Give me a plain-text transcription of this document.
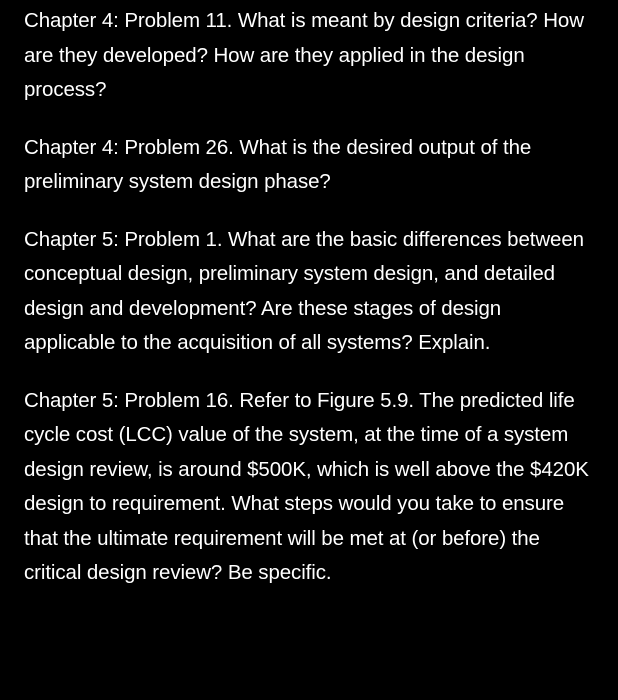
Chapter 4: Problem 11. What is meant by design criteria? How are they developed? How are they applied in the design process?

Chapter 4: Problem 26. What is the desired output of the preliminary system design phase?

Chapter 5: Problem 1. What are the basic differences between conceptual design, preliminary system design, and detailed design and development? Are these stages of design applicable to the acquisition of all systems? Explain.

Chapter 5: Problem 16. Refer to Figure 5.9. The predicted life cycle cost (LCC) value of the system, at the time of a system design review, is around $500K, which is well above the $420K design to requirement. What steps would you take to ensure that the ultimate requirement will be met at (or before) the critical design review? Be specific.
